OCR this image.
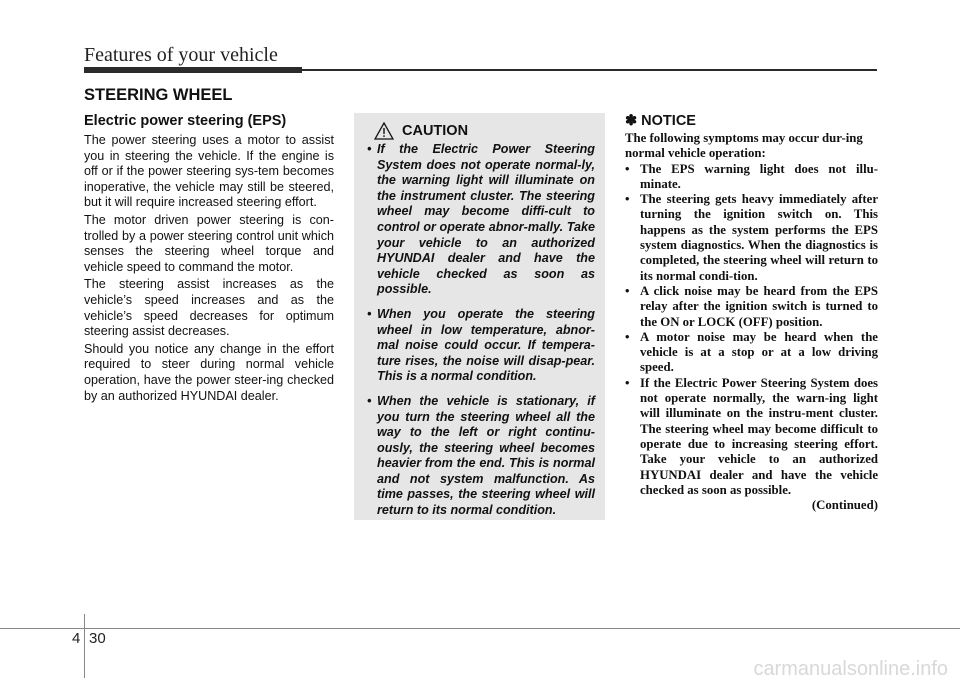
Features of your vehicle
STEERING WHEEL
Electric power steering (EPS)

The power steering uses a motor to assist you in steering the vehicle. If the engine is off or if the power steering sys-tem becomes inoperative, the vehicle may still be steered, but it will require increased steering effort.

The motor driven power steering is con-trolled by a power steering control unit which senses the steering wheel torque and vehicle speed to command the motor.

The steering assist increases as the vehicle’s speed increases and as the vehicle’s speed decreases for optimum steering assist decreases.

Should you notice any change in the effort required to steer during normal vehicle operation, have the power steer-ing checked by an authorized HYUNDAI dealer.

CAUTION
• If the Electric Power Steering System does not operate normal-ly, the warning light will illuminate on the instrument cluster. The steering wheel may become diffi-cult to control or operate abnor-mally. Take your vehicle to an authorized HYUNDAI dealer and have the vehicle checked as soon as possible.
• When you operate the steering wheel in low temperature, abnor-mal noise could occur. If tempera-ture rises, the noise will disap-pear. This is a normal condition.
• When the vehicle is stationary, if you turn the steering wheel all the way to the left or right continu-ously, the steering wheel becomes heavier from the end. This is normal and not system malfunction. As time passes, the steering wheel will return to its normal condition.
✽ NOTICE

The following symptoms may occur dur-ing normal vehicle operation:

• The EPS warning light does not illu-minate.
• The steering gets heavy immediately after turning the ignition switch on. This happens as the system performs the EPS system diagnostics. When the diagnostics is completed, the steering wheel will return to its normal condi-tion.
• A click noise may be heard from the EPS relay after the ignition switch is turned to the ON or LOCK (OFF) position.
• A motor noise may be heard when the vehicle is at a stop or at a low driving speed.
• If the Electric Power Steering System does not operate normally, the warn-ing light will illuminate on the instru-ment cluster. The steering wheel may become difficult to operate due to increasing steering effort. Take your vehicle to an authorized HYUNDAI dealer and have the vehicle checked as soon as possible.
(Continued)
4 30
carmanualsonline.info
